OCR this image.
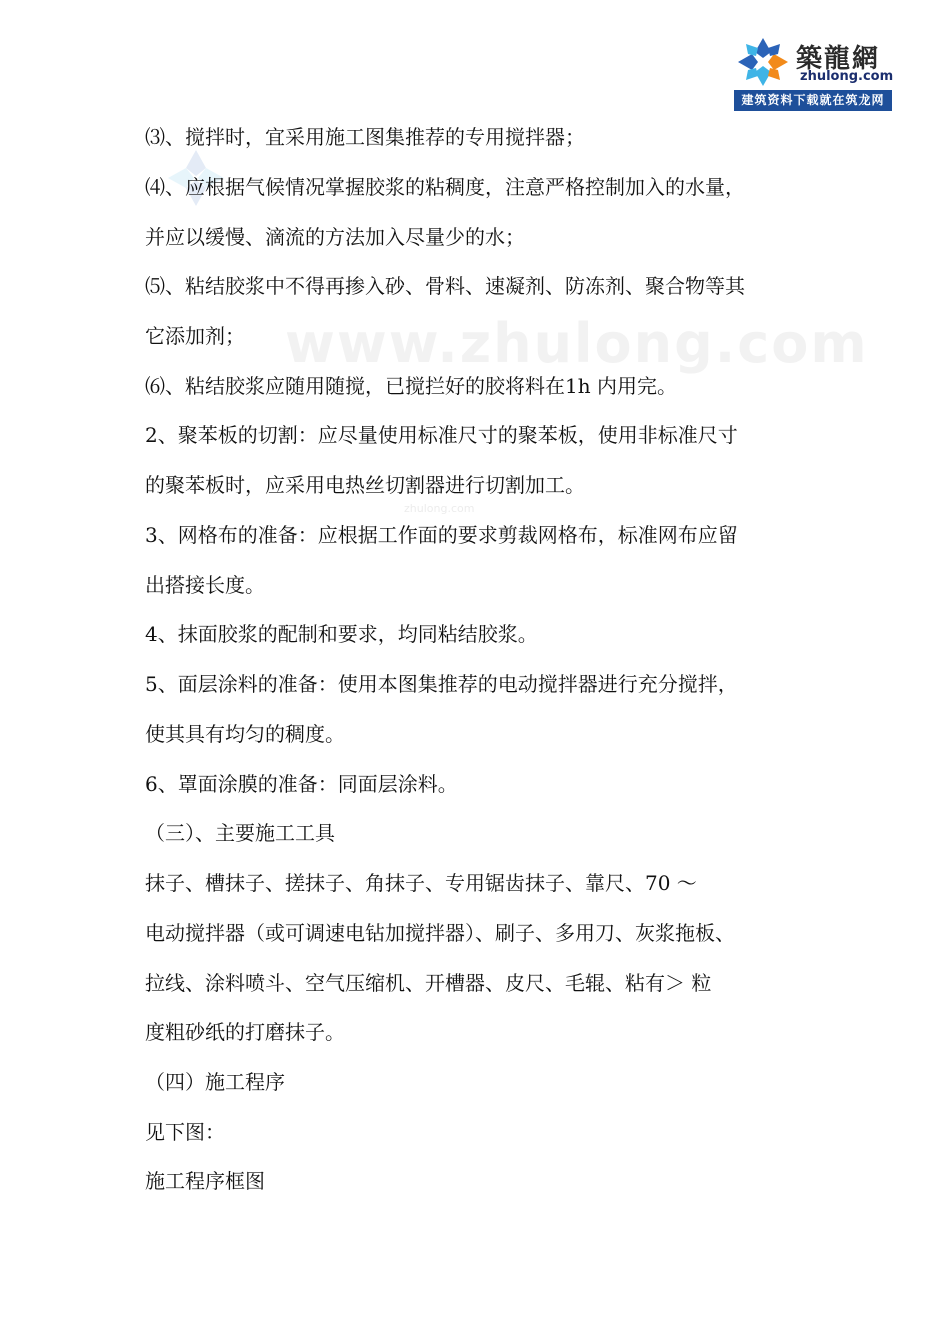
www.zhulong.com
zhulong.com
築龍網
zhulong.com
建筑资料下载就在筑龙网
⑶、搅拌时，宜采用施工图集推荐的专用搅拌器；
⑷、应根据气候情况掌握胶浆的粘稠度，注意严格控制加入的水量，
并应以缓慢、滴流的方法加入尽量少的水；
⑸、粘结胶浆中不得再掺入砂、骨料、速凝剂、防冻剂、聚合物等其
它添加剂；
⑹、粘结胶浆应随用随搅，已搅拦好的胶将料在1h 内用完。
2、聚苯板的切割：应尽量使用标准尺寸的聚苯板，使用非标准尺寸
的聚苯板时，应采用电热丝切割器进行切割加工。
3、网格布的准备：应根据工作面的要求剪裁网格布，标准网布应留
出搭接长度。
4、抹面胶浆的配制和要求，均同粘结胶浆。
5、面层涂料的准备：使用本图集推荐的电动搅拌器进行充分搅拌，
使其具有均匀的稠度。
6、罩面涂膜的准备：同面层涂料。
（三）、主要施工工具
抹子、槽抹子、搓抹子、角抹子、专用锯齿抹子、靠尺、70 ～
电动搅拌器（或可调速电钻加搅拌器）、刷子、多用刀、灰浆拖板、
拉线、涂料喷斗、空气压缩机、开槽器、皮尺、毛辊、粘有＞ 粒
度粗砂纸的打磨抹子。
（四）施工程序
见下图：
施工程序框图
